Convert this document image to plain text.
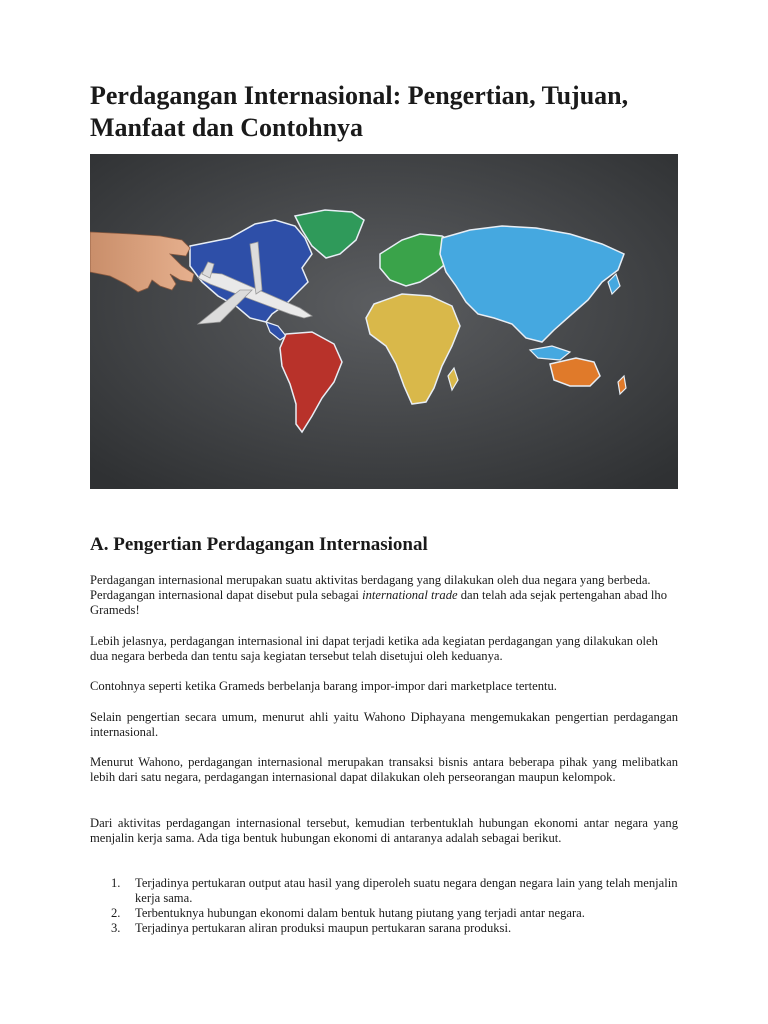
Perdagangan Internasional: Pengertian, Tujuan, Manfaat dan Contohnya
A. Pengertian Perdagangan Internasional

Perdagangan internasional merupakan suatu aktivitas berdagang yang dilakukan oleh dua negara yang berbeda. Perdagangan internasional dapat disebut pula sebagai international trade dan telah ada sejak pertengahan abad lho Grameds!

Lebih jelasnya, perdagangan internasional ini dapat terjadi ketika ada kegiatan perdagangan yang dilakukan oleh dua negara berbeda dan tentu saja kegiatan tersebut telah disetujui oleh keduanya.

Contohnya seperti ketika Grameds berbelanja barang impor-impor dari marketplace tertentu.

Selain pengertian secara umum, menurut ahli yaitu Wahono Diphayana mengemukakan pengertian perdagangan internasional.

Menurut Wahono, perdagangan internasional merupakan transaksi bisnis antara beberapa pihak yang melibatkan lebih dari satu negara, perdagangan internasional dapat dilakukan oleh perseorangan maupun kelompok.

Dari aktivitas perdagangan internasional tersebut, kemudian terbentuklah hubungan ekonomi antar negara yang menjalin kerja sama. Ada tiga bentuk hubungan ekonomi di antaranya adalah sebagai berikut.

1. Terjadinya pertukaran output atau hasil yang diperoleh suatu negara dengan negara lain yang telah menjalin kerja sama.
2. Terbentuknya hubungan ekonomi dalam bentuk hutang piutang yang terjadi antar negara.
3. Terjadinya pertukaran aliran produksi maupun pertukaran sarana produksi.
